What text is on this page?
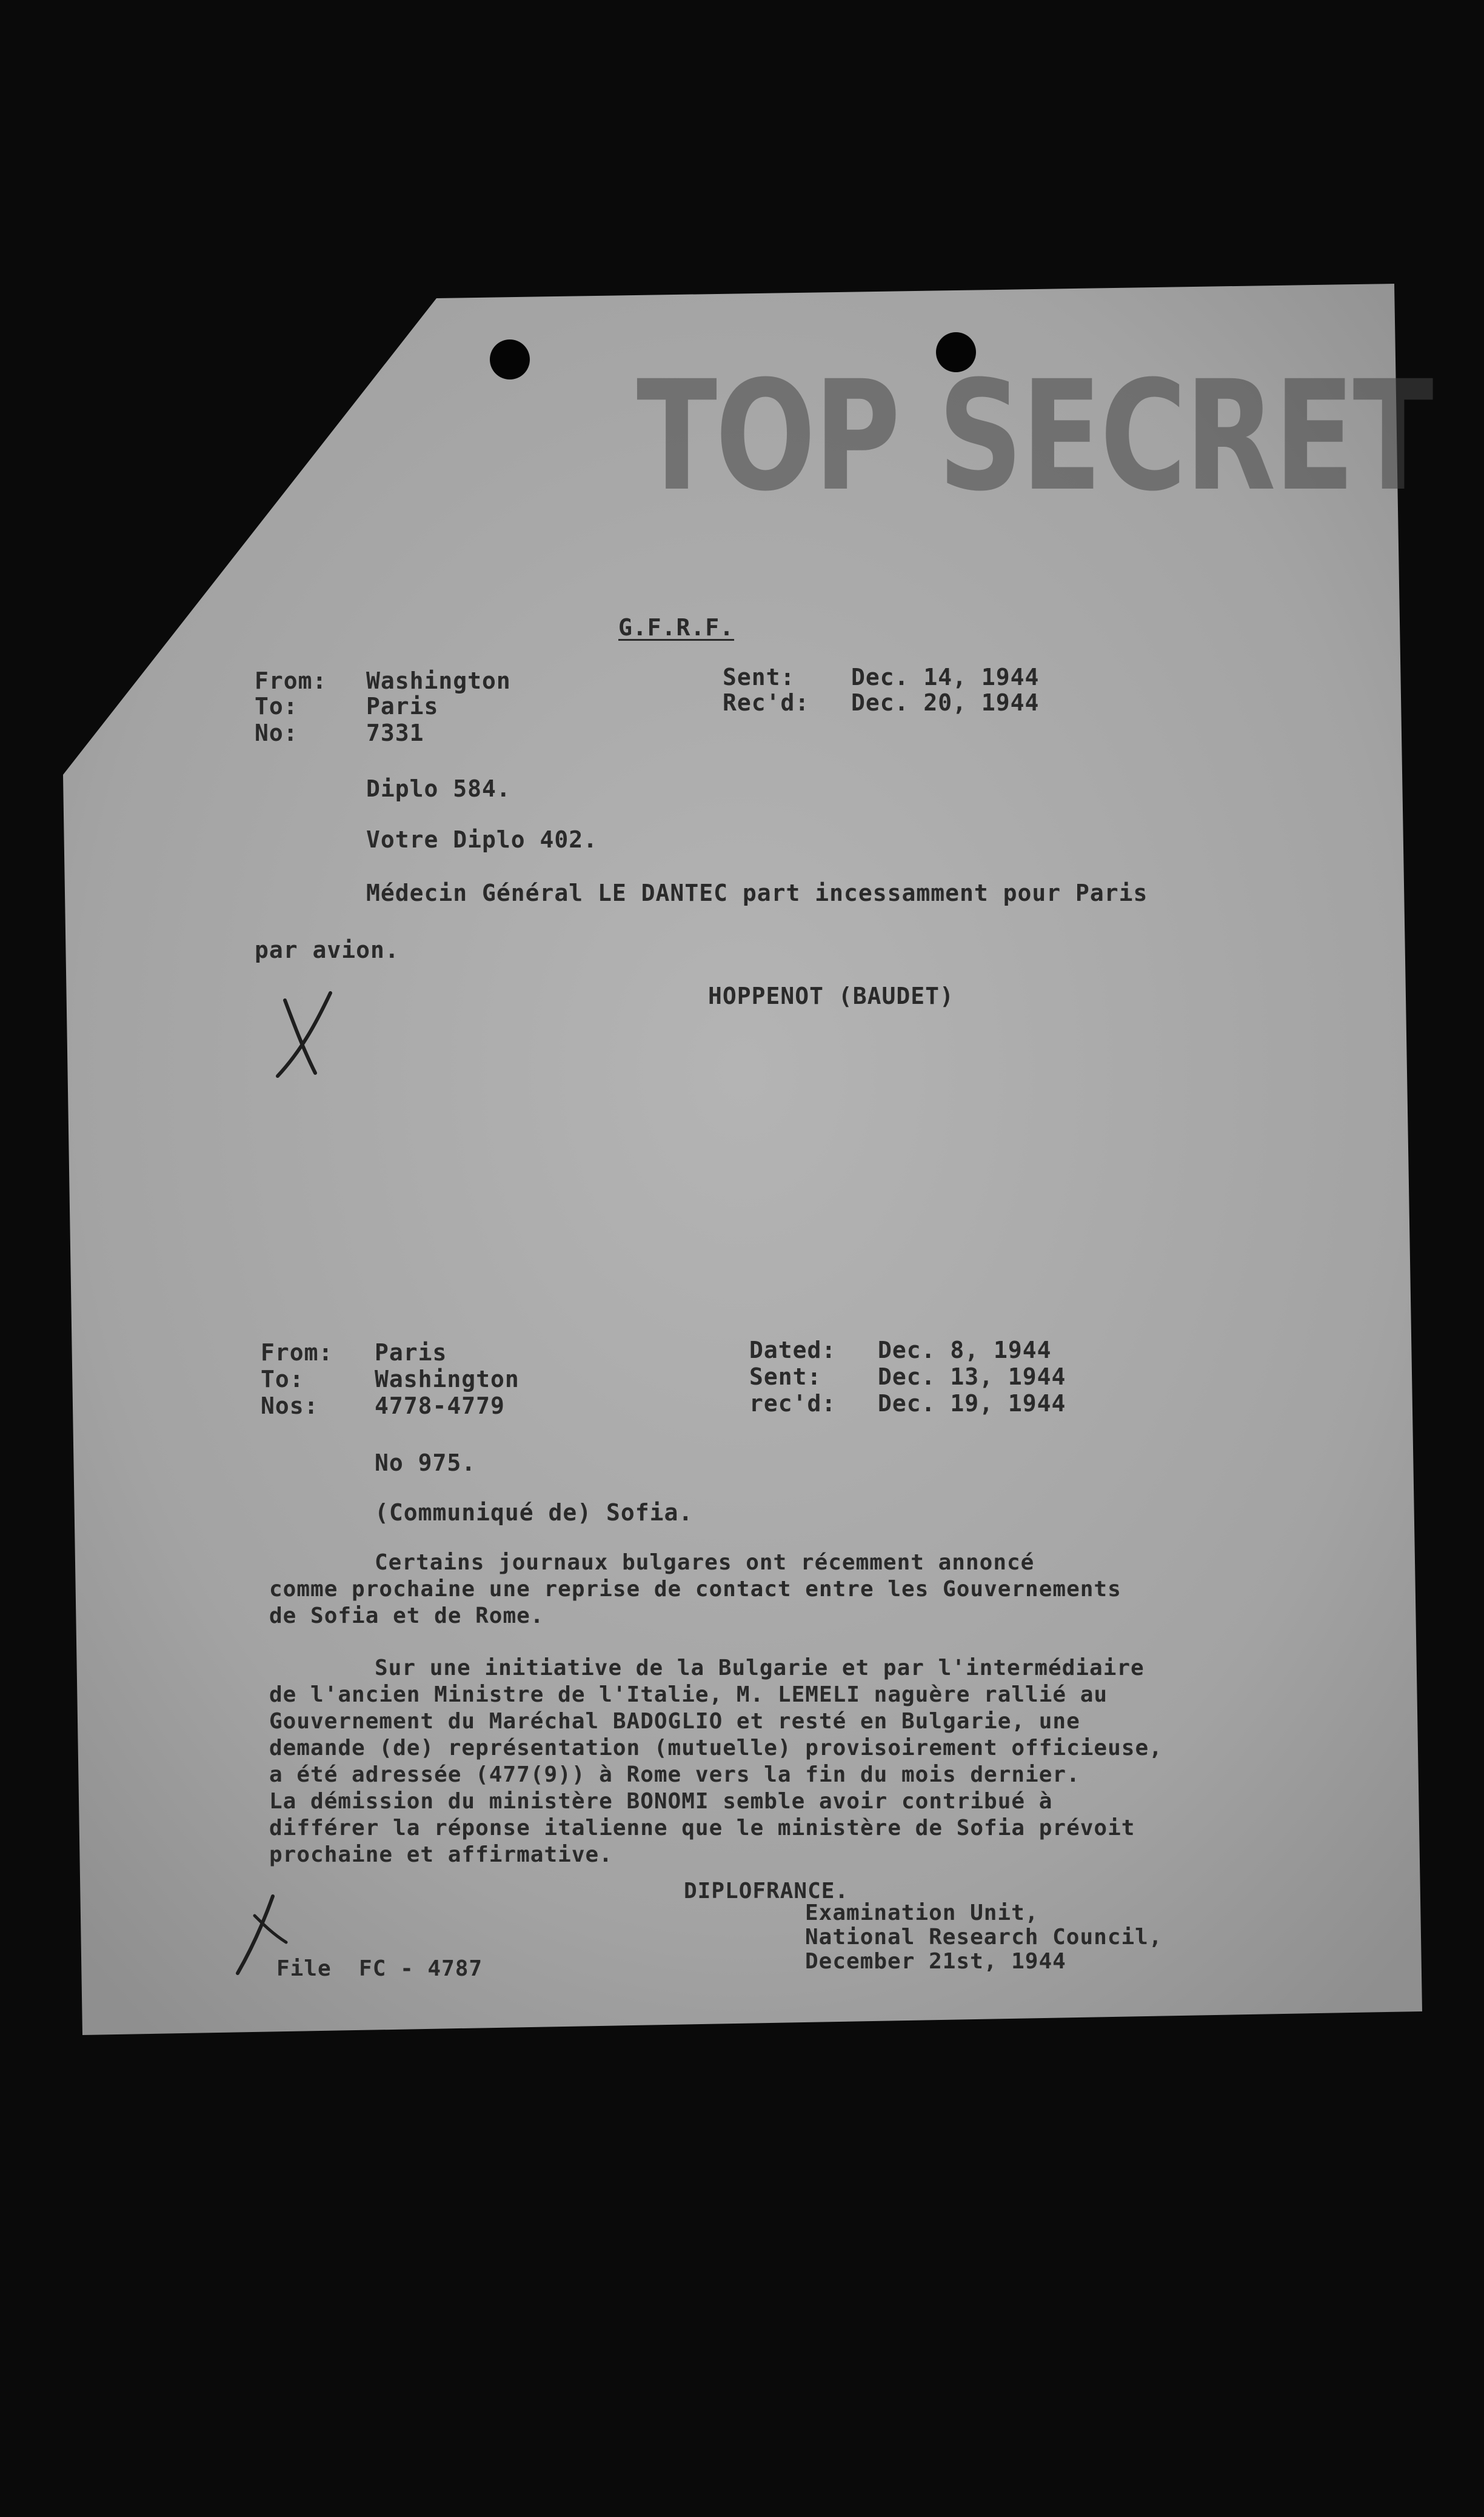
TOP SECRET
G.F.R.F.
From: Washington
To:	Paris
No:	7331
Sent: Dec. 14, 1944
Rec'd: Dec. 20, 1944
Diplo 584.
Votre Diplo 402.
Médecin Général LE DANTEC part incessamment pour Paris
par avion.
HOPPENOT (BAUDET)
From: Paris
To:	Washington
Nos: 4778-4779
Dated: Dec. 8, 1944
Sent: Dec. 13, 1944
rec'd: Dec. 19, 1944
No 975.
(Communiqué de) Sofia.
Certains journaux bulgares ont récemment annoncé
comme prochaine une reprise de contact entre les Gouvernements
de Sofia et de Rome.
Sur une initiative de la Bulgarie et par l'intermédiaire
de l'ancien Ministre de l'Italie, M. LEMELI naguère rallié au
Gouvernement du Maréchal BADOGLIO et resté en Bulgarie, une
demande (de) représentation (mutuelle) provisoirement officieuse,
a été adressée (477(9)) à Rome vers la fin du mois dernier.
La démission du ministère BONOMI semble avoir contribué à
différer la réponse italienne que le ministère de Sofia prévoit
prochaine et affirmative.
DIPLOFRANCE.
Examination Unit,
National Research Council,
December 21st, 1944
File  FC - 4787
